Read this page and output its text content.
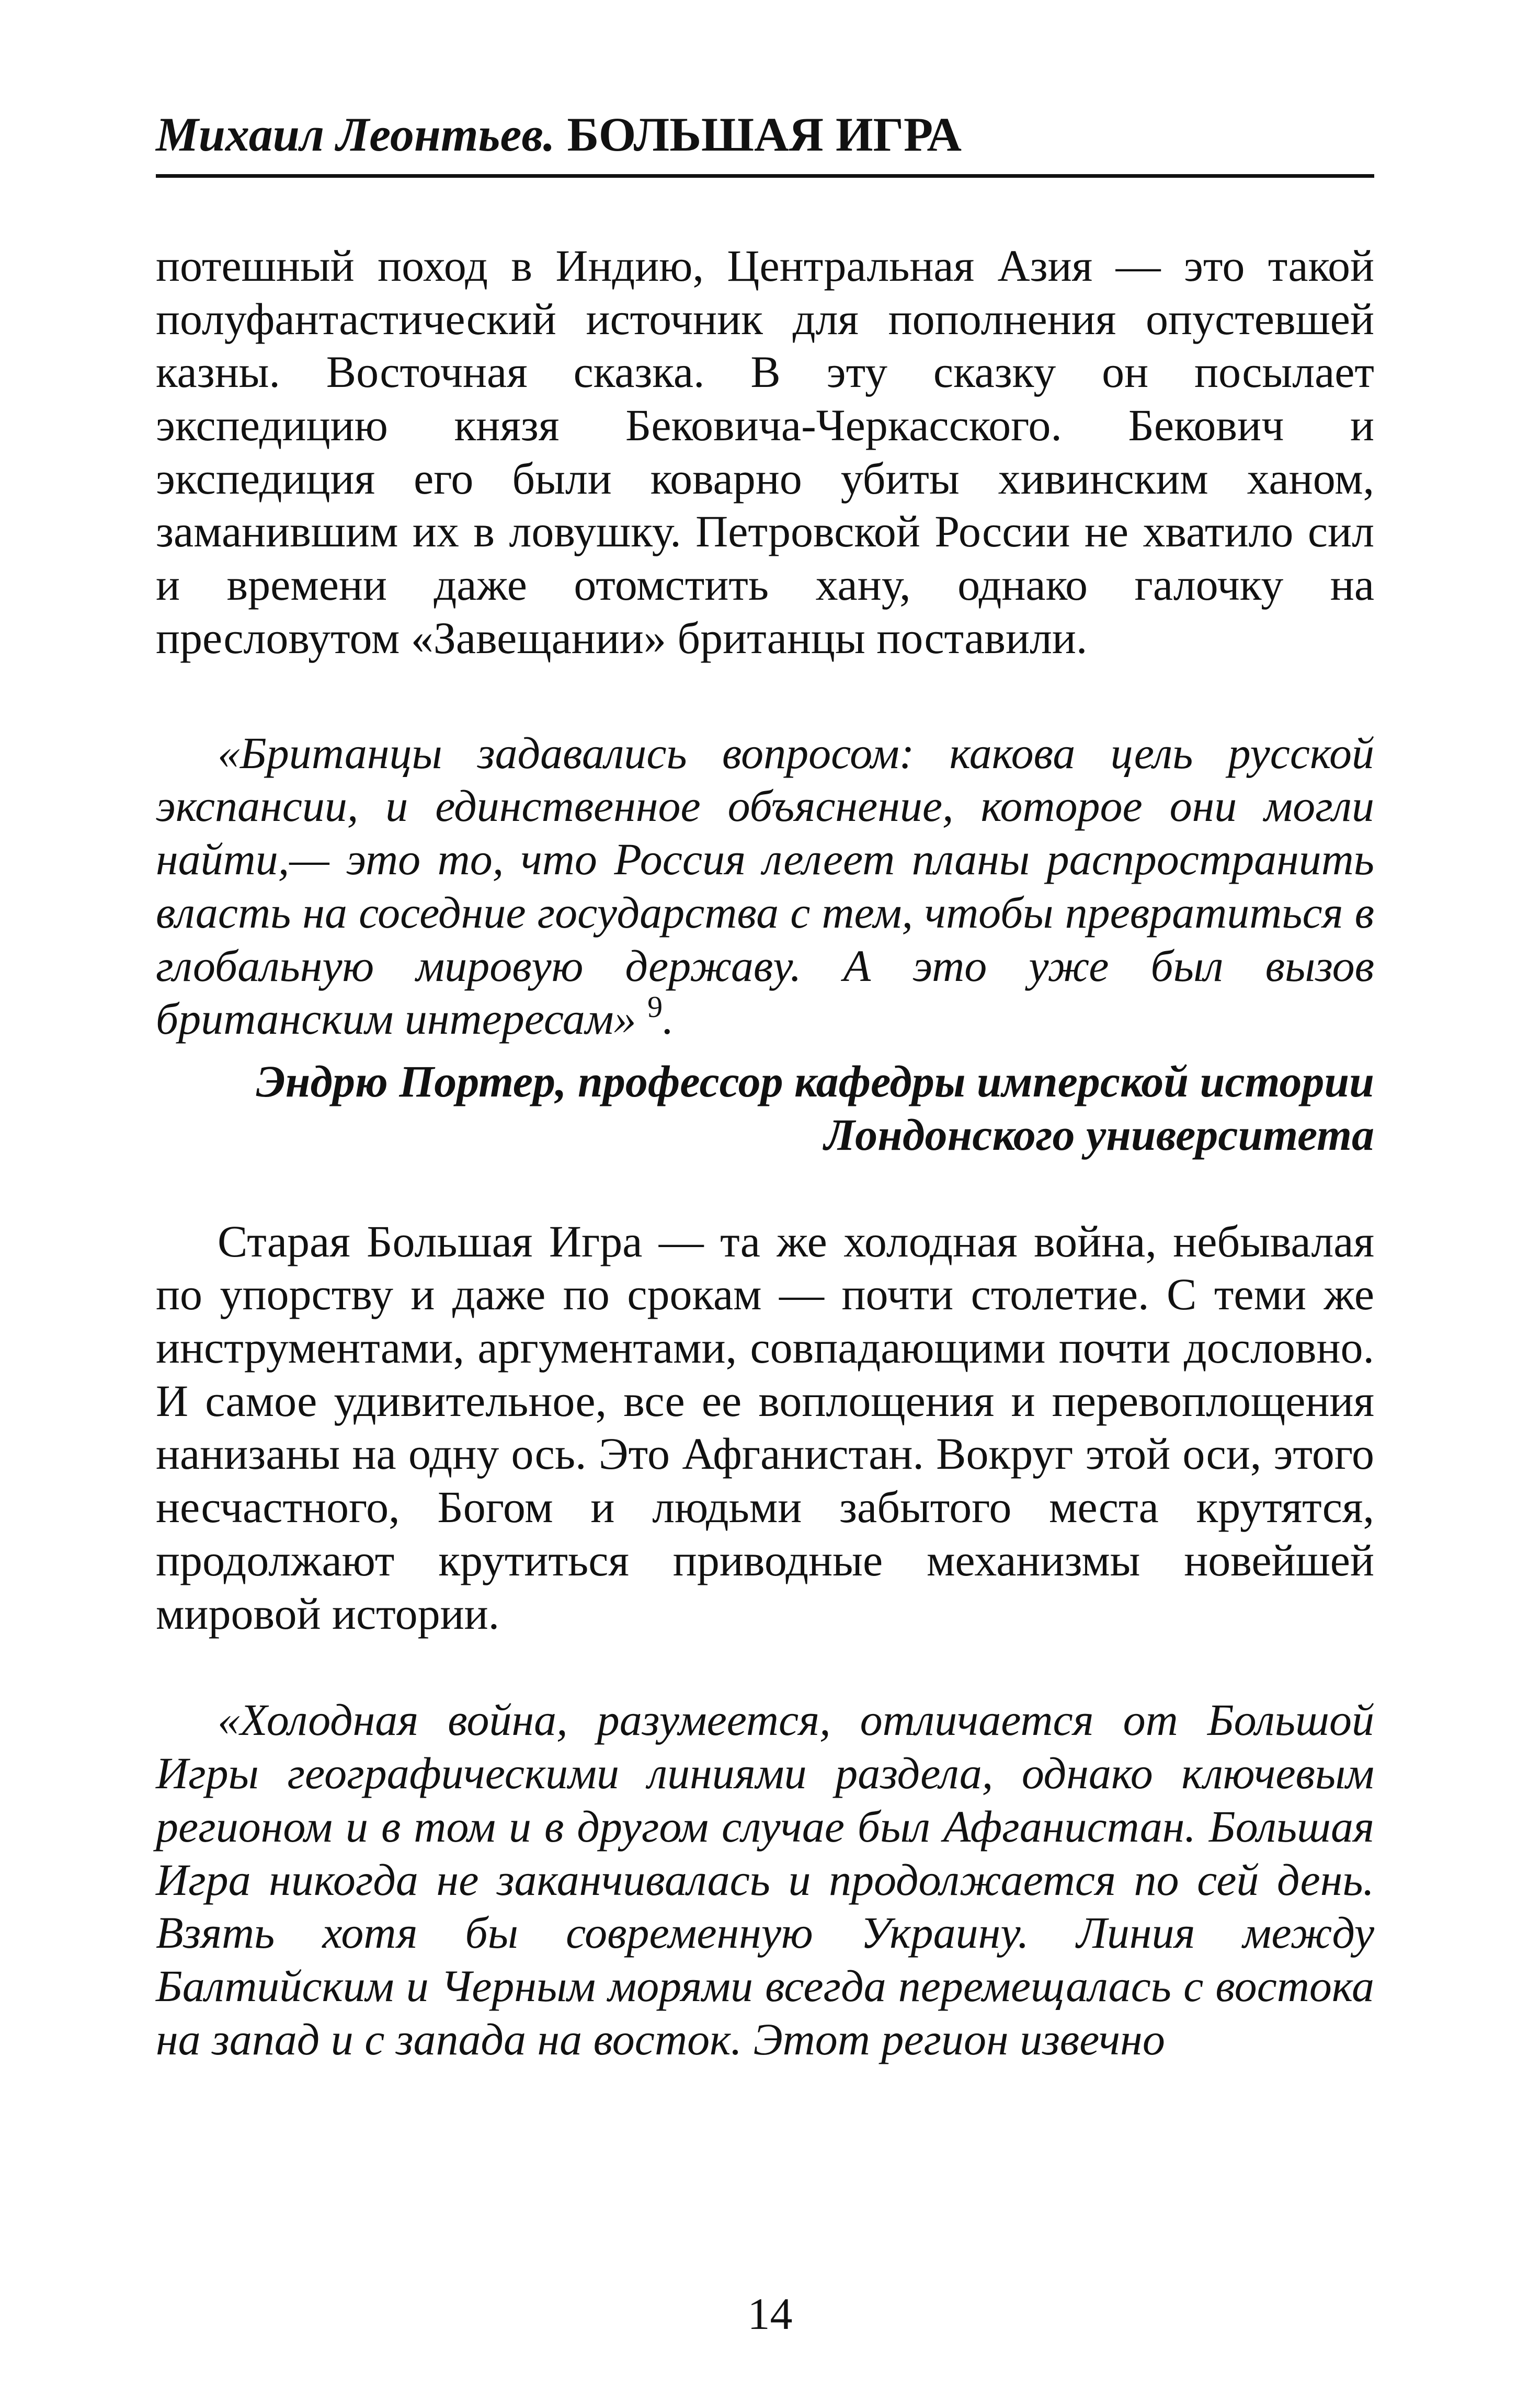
Михаил Леонтьев. БОЛЬШАЯ ИГРА

потешный поход в Индию, Центральная Азия — это такой полуфантастический источник для пополнения опустевшей казны. Восточная сказка. В эту сказку он посылает экспедицию князя Бековича-Черкасского. Бекович и экспедиция его были коварно убиты хивинским ханом, заманившим их в ловушку. Петровской России не хватило сил и времени даже отомстить хану, однако галочку на пресловутом «Завещании» британцы поставили.

«Британцы задавались вопросом: какова цель русской экспансии, и единственное объяснение, которое они могли найти,— это то, что Россия лелеет планы распространить власть на соседние государства с тем, чтобы превратиться в глобальную мировую державу. А это уже был вызов британским интересам» $^9$.

Эндрю Портер, профессор кафедры имперской истории
Лондонского университета

Старая Большая Игра — та же холодная война, небывалая по упорству и даже по срокам — почти столетие. С теми же инструментами, аргументами, совпадающими почти дословно. И самое удивительное, все ее воплощения и перевоплощения нанизаны на одну ось. Это Афганистан. Вокруг этой оси, этого несчастного, Богом и людьми забытого места крутятся, продолжают крутиться приводные механизмы новейшей мировой истории.

«Холодная война, разумеется, отличается от Большой Игры географическими линиями раздела, однако ключевым регионом и в том и в другом случае был Афганистан. Большая Игра никогда не заканчивалась и продолжается по сей день. Взять хотя бы современную Украину. Линия между Балтийским и Черным морями всегда перемещалась с востока на запад и с запада на восток. Этот регион извечно

14
